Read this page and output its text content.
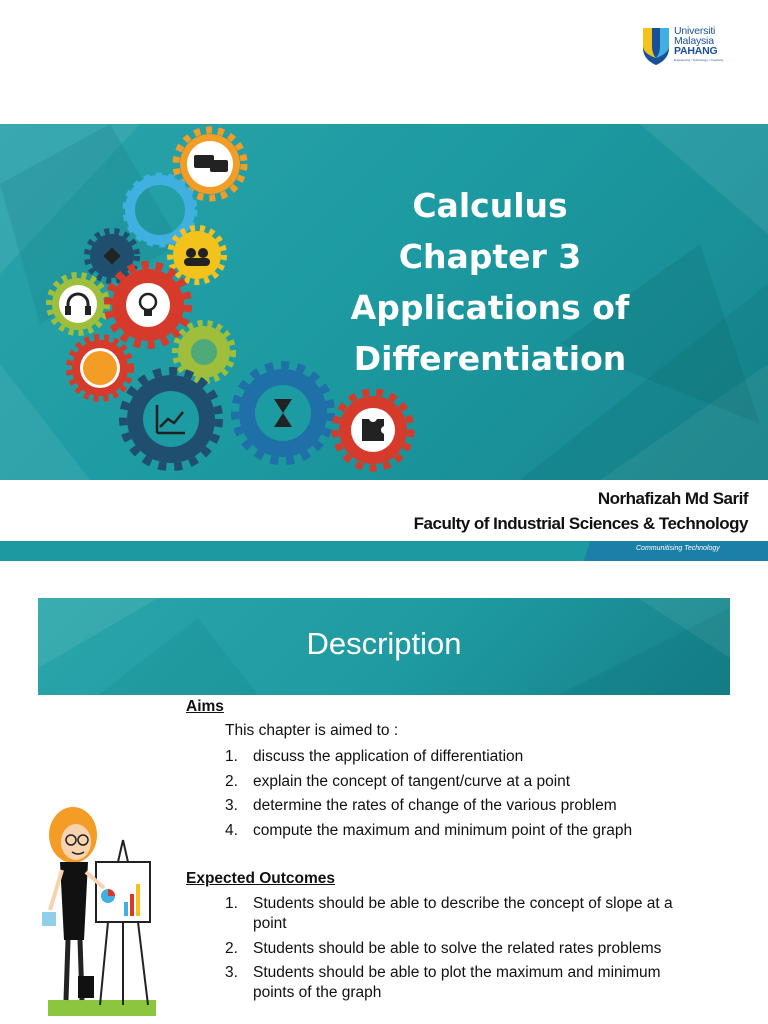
Universiti
Malaysia
PAHANG
Engineering • Technology • Creativity
Calculus
Chapter 3
Applications of
Differentiation
Norhafizah Md Sarif
Faculty of Industrial Sciences & Technology
Communitising Technology
Description
Aims
This chapter is aimed to :
1. discuss the application of differentiation
2. explain the concept of tangent/curve at a point
3. determine the rates of change of the various problem
4. compute the maximum and minimum point of the graph
Expected Outcomes
1. Students should be able to describe the concept of slope at a point
2. Students should be able to solve the related rates problems
3. Students should be able to plot the maximum and minimum points of the graph
